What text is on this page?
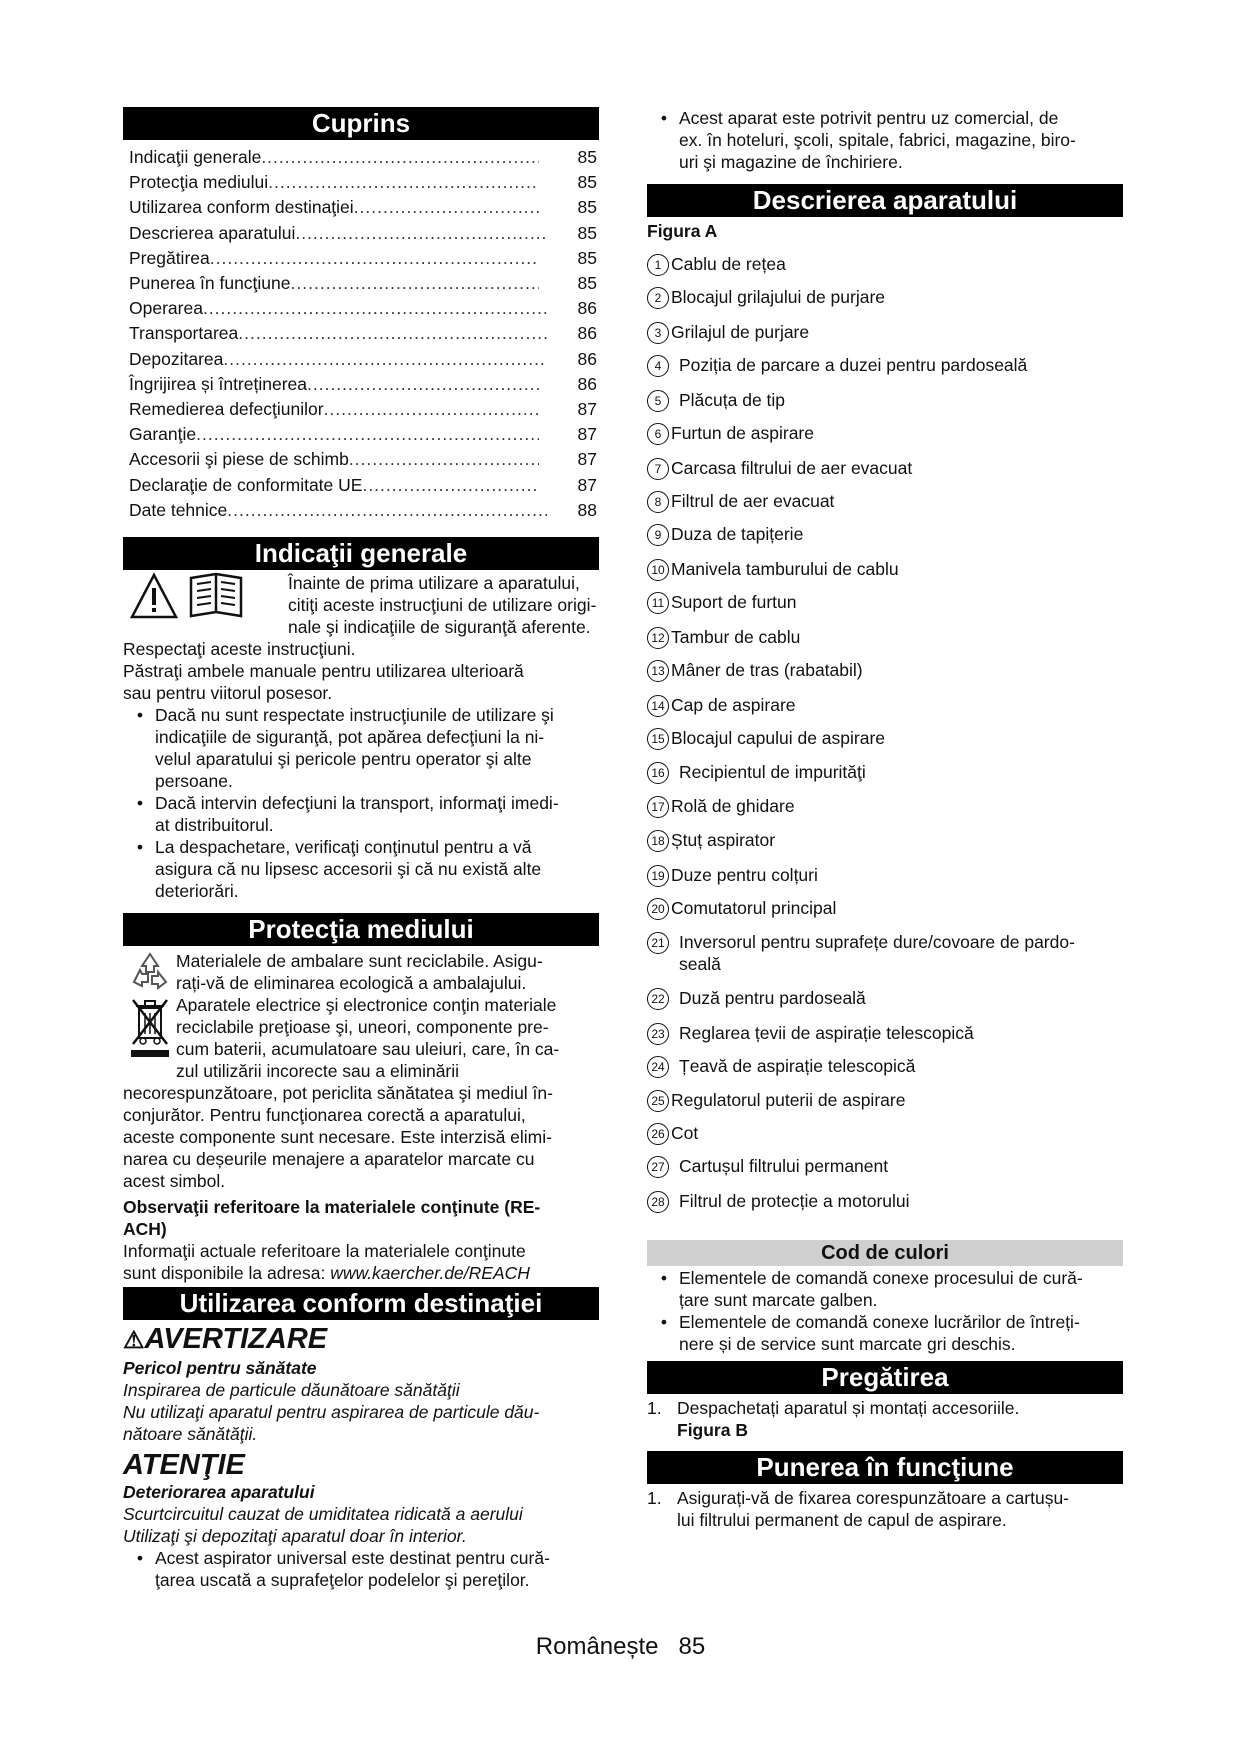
Cuprins
Indicaţii generale .....	85
Protecţia mediului .....	85
Utilizarea conform destinaţiei .....	85
Descrierea aparatului .....	85
Pregătirea .....	85
Punerea în funcţiune .....	85
Operarea .....	86
Transportarea .....	86
Depozitarea .....	86
Îngrijirea și întreținerea .....	86
Remedierea defecţiunilor .....	87
Garanţie .....	87
Accesorii şi piese de schimb .....	87
Declaraţie de conformitate UE .....	87
Date tehnice .....	88
Indicaţii generale
Înainte de prima utilizare a aparatului,
citiţi aceste instrucţiuni de utilizare origi-
nale şi indicaţiile de siguranţă aferente.
Respectaţi aceste instrucţiuni.
Păstraţi ambele manuale pentru utilizarea ulterioară
sau pentru viitorul posesor.
• Dacă nu sunt respectate instrucţiunile de utilizare şi
indicaţiile de siguranţă, pot apărea defecţiuni la ni-
velul aparatului şi pericole pentru operator şi alte
persoane.
• Dacă intervin defecţiuni la transport, informaţi imedi-
at distribuitorul.
• La despachetare, verificaţi conţinutul pentru a vă
asigura că nu lipsesc accesorii şi că nu există alte
deteriorări.
Protecţia mediului
Materialele de ambalare sunt reciclabile. Asigu-
rați-vă de eliminarea ecologică a ambalajului.
Aparatele electrice şi electronice conţin materiale
reciclabile preţioase şi, uneori, componente pre-
cum baterii, acumulatoare sau uleiuri, care, în ca-
zul utilizării incorecte sau a eliminării
necorespunzătoare, pot periclita sănătatea şi mediul în-
conjurător. Pentru funcţionarea corectă a aparatului,
aceste componente sunt necesare. Este interzisă elimi-
narea cu deșeurile menajere a aparatelor marcate cu
acest simbol.
Observaţii referitoare la materialele conţinute (RE-
ACH)
Informaţii actuale referitoare la materialele conţinute
sunt disponibile la adresa: www.kaercher.de/REACH
Utilizarea conform destinaţiei
⚠AVERTIZARE
Pericol pentru sănătate
Inspirarea de particule dăunătoare sănătăţii
Nu utilizaţi aparatul pentru aspirarea de particule dău-
nătoare sănătăţii.
ATENŢIE
Deteriorarea aparatului
Scurtcircuitul cauzat de umiditatea ridicată a aerului
Utilizaţi şi depozitaţi aparatul doar în interior.
• Acest aspirator universal este destinat pentru cură-
ţarea uscată a suprafeţelor podelelor şi pereţilor.
• Acest aparat este potrivit pentru uz comercial, de
ex. în hoteluri, şcoli, spitale, fabrici, magazine, biro-
uri şi magazine de închiriere.
Descrierea aparatului
Figura A
1 Cablu de rețea
2 Blocajul grilajului de purjare
3 Grilajul de purjare
4	Poziția de parcare a duzei pentru pardoseală
5	Plăcuța de tip
6 Furtun de aspirare
7 Carcasa filtrului de aer evacuat
8 Filtrul de aer evacuat
9 Duza de tapițerie
10 Manivela tamburului de cablu
11 Suport de furtun
12 Tambur de cablu
13 Mâner de tras (rabatabil)
14 Cap de aspirare
15 Blocajul capului de aspirare
16 Recipientul de impurităţi
17 Rolă de ghidare
18 Ștuț aspirator
19 Duze pentru colțuri
20 Comutatorul principal
21 Inversorul pentru suprafețe dure/covoare de pardo-
sea​lă
22 Duză pentru pardoseală
23 Reglarea țevii de aspirație telescopică
24 Țeavă de aspirație telescopică
25 Regulatorul puterii de aspirare
26 Cot
27 Cartușul filtrului permanent
28 Filtrul de protecție a motorului
Cod de culori
• Elementele de comandă conexe procesului de cură-
țare sunt marcate galben.
• Elementele de comandă conexe lucrărilor de întreți-
nere și de service sunt marcate gri deschis.
Pregătirea
1. Despachetați aparatul și montați accesoriile.
Figura B
Punerea în funcţiune
1. Asigurați-vă de fixarea corespunzătoare a cartușu-
lui filtrului permanent de capul de aspirare.
Românește 85
